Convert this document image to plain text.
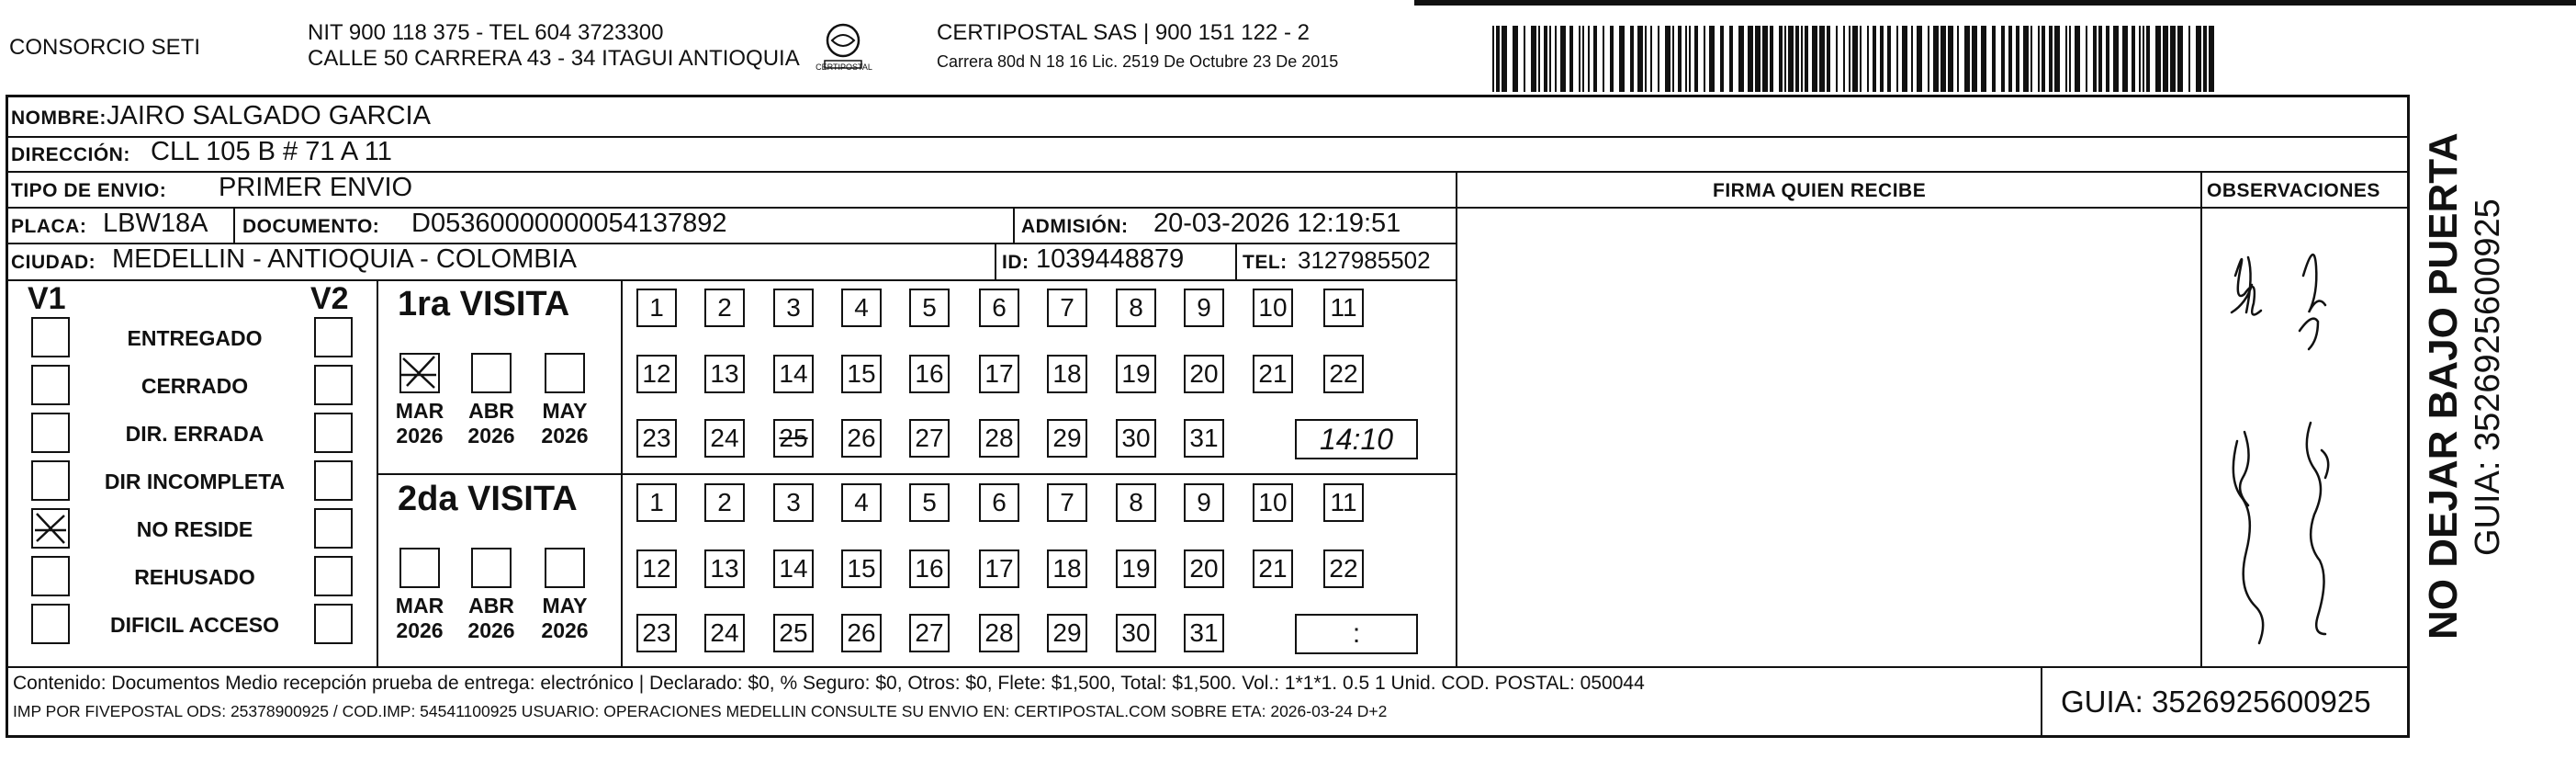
CONSORCIO SETI
NIT 900 118 375 - TEL 604 3723300
CALLE 50 CARRERA 43 - 34 ITAGUI ANTIOQUIA	CERTIPOSTAL
CERTIPOSTAL SAS | 900 151 122 - 2
Carrera 80d N 18 16 Lic. 2519 De Octubre 23 De 2015
NOMBRE: JAIRO SALGADO GARCIA
DIRECCIÓN: CLL 105 B # 71 A 11
TIPO DE ENVIO: PRIMER ENVIO	FIRMA QUIEN RECIBE	OBSERVACIONES
PLACA: LBW18A DOCUMENTO: D05360000000054137892	ADMISIÓN: 20-03-2026 12:19:51
CIUDAD: MEDELLIN - ANTIOQUIA - COLOMBIA	ID: 1039448879	TEL: 3127985502
V1	V2
ENTREGADO
CERRADO
DIR. ERRADA
DIR INCOMPLETA
NO RESIDE
REHUSADO
DIFICIL ACCESO
1ra VISITA
2da VISITA
MAR
2026
ABR
2026
MAY
2026
1	2	3	4	5	6	7	8	9	10 11
12 13 14 15 16 17 18 19 20 21 22
23 24 25 26 27 28 29 30 31	14:10
MAR
2026
ABR
2026
MAY
2026
1	2	3	4	5	6	7	8	9	10 11
12 13 14 15 16 17 18 19 20 21 22
23 24 25 26 27 28 29 30 31	:
Contenido: Documentos Medio recepción prueba de entrega: electrónico | Declarado: $0, % Seguro: $0, Otros: $0, Flete: $1,500, Total: $1,500. Vol.: 1*1*1. 0.5 1 Unid. COD. POSTAL: 050044
IMP POR FIVEPOSTAL ODS: 25378900925 / COD.IMP: 54541100925 USUARIO: OPERACIONES MEDELLIN CONSULTE SU ENVIO EN: CERTIPOSTAL.COM SOBRE ETA: 2026-03-24 D+2	GUIA: 3526925600925
NO DEJAR BAJO PUERTA GUIA: 3526925600925
